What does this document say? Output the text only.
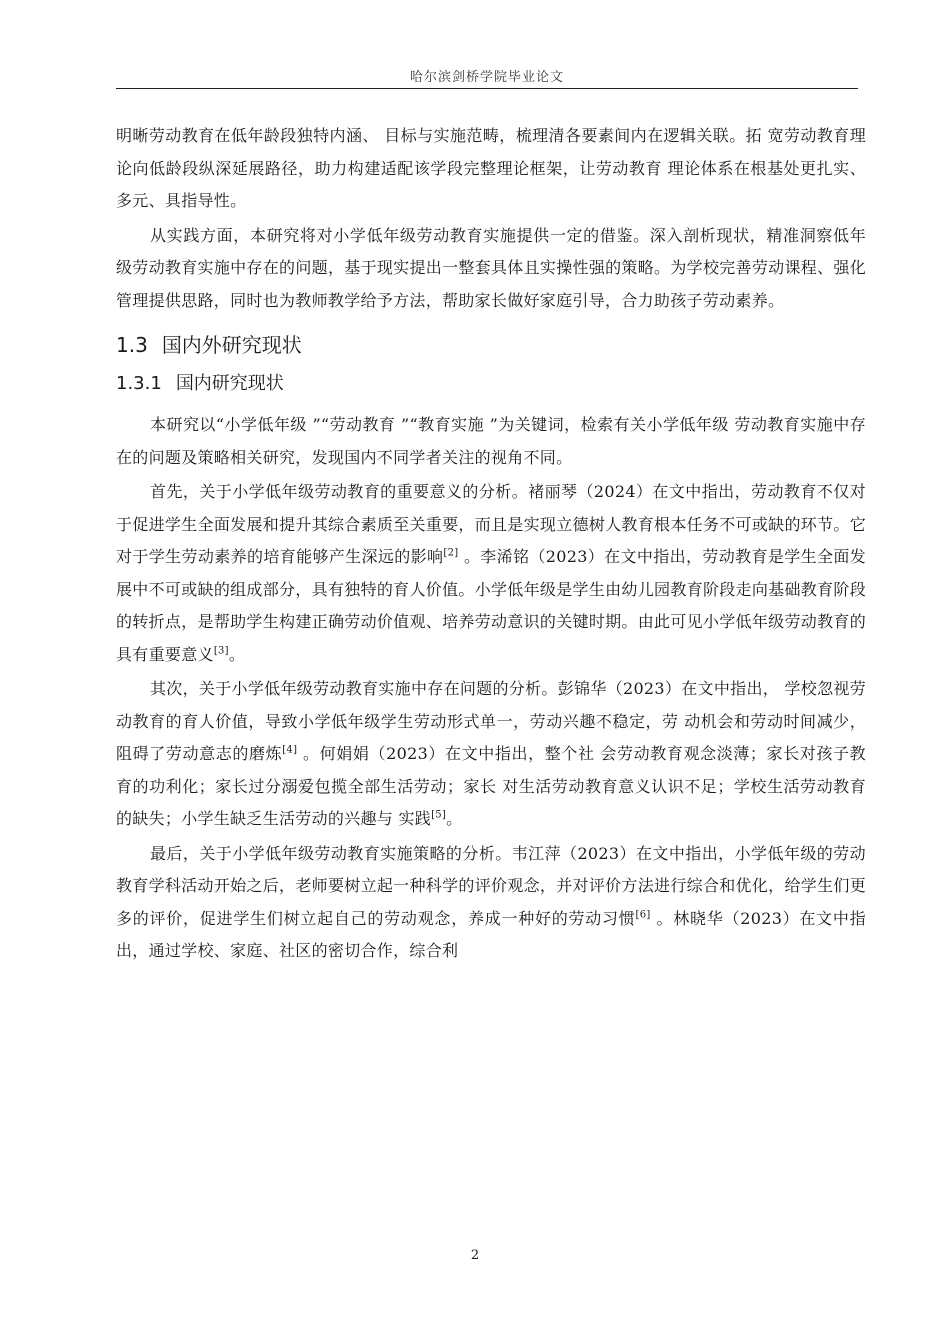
哈尔滨剑桥学院毕业论文

明晰劳动教育在低年龄段独特内涵、 目标与实施范畴，梳理清各要素间内在逻辑关联。拓 宽劳动教育理论向低龄段纵深延展路径，助力构建适配该学段完整理论框架，让劳动教育 理论体系在根基处更扎实、多元、具指导性。

从实践方面，本研究将对小学低年级劳动教育实施提供一定的借鉴。深入剖析现状，精准洞察低年级劳动教育实施中存在的问题，基于现实提出一整套具体且实操性强的策略。为学校完善劳动课程、强化管理提供思路，同时也为教师教学给予方法，帮助家长做好家庭引导，合力助孩子劳动素养。

1.3 国内外研究现状
1.3.1 国内研究现状

本研究以“小学低年级 ”“劳动教育 ”“教育实施 ”为关键词，检索有关小学低年级 劳动教育实施中存在的问题及策略相关研究，发现国内不同学者关注的视角不同。

首先，关于小学低年级劳动教育的重要意义的分析。褚丽琴（2024）在文中指出，劳动教育不仅对于促进学生全面发展和提升其综合素质至关重要，而且是实现立德树人教育根本任务不可或缺的环节。它对于学生劳动素养的培育能够产生深远的影响[2] 。李浠铭（2023）在文中指出，劳动教育是学生全面发展中不可或缺的组成部分，具有独特的育人价值。小学低年级是学生由幼儿园教育阶段走向基础教育阶段的转折点，是帮助学生构建正确劳动价值观、培养劳动意识的关键时期。由此可见小学低年级劳动教育的具有重要意义[3]。

其次，关于小学低年级劳动教育实施中存在问题的分析。彭锦华（2023）在文中指出， 学校忽视劳动教育的育人价值，导致小学低年级学生劳动形式单一，劳动兴趣不稳定，劳 动机会和劳动时间减少，阻碍了劳动意志的磨炼[4] 。何娟娟（2023）在文中指出，整个社 会劳动教育观念淡薄；家长对孩子教育的功利化；家长过分溺爱包揽全部生活劳动；家长 对生活劳动教育意义认识不足；学校生活劳动教育的缺失；小学生缺乏生活劳动的兴趣与 实践[5]。

最后，关于小学低年级劳动教育实施策略的分析。韦江萍（2023）在文中指出，小学低年级的劳动教育学科活动开始之后，老师要树立起一种科学的评价观念，并对评价方法进行综合和优化，给学生们更多的评价，促进学生们树立起自己的劳动观念，养成一种好的劳动习惯[6] 。林晓华（2023）在文中指出，通过学校、家庭、社区的密切合作，综合利

2
